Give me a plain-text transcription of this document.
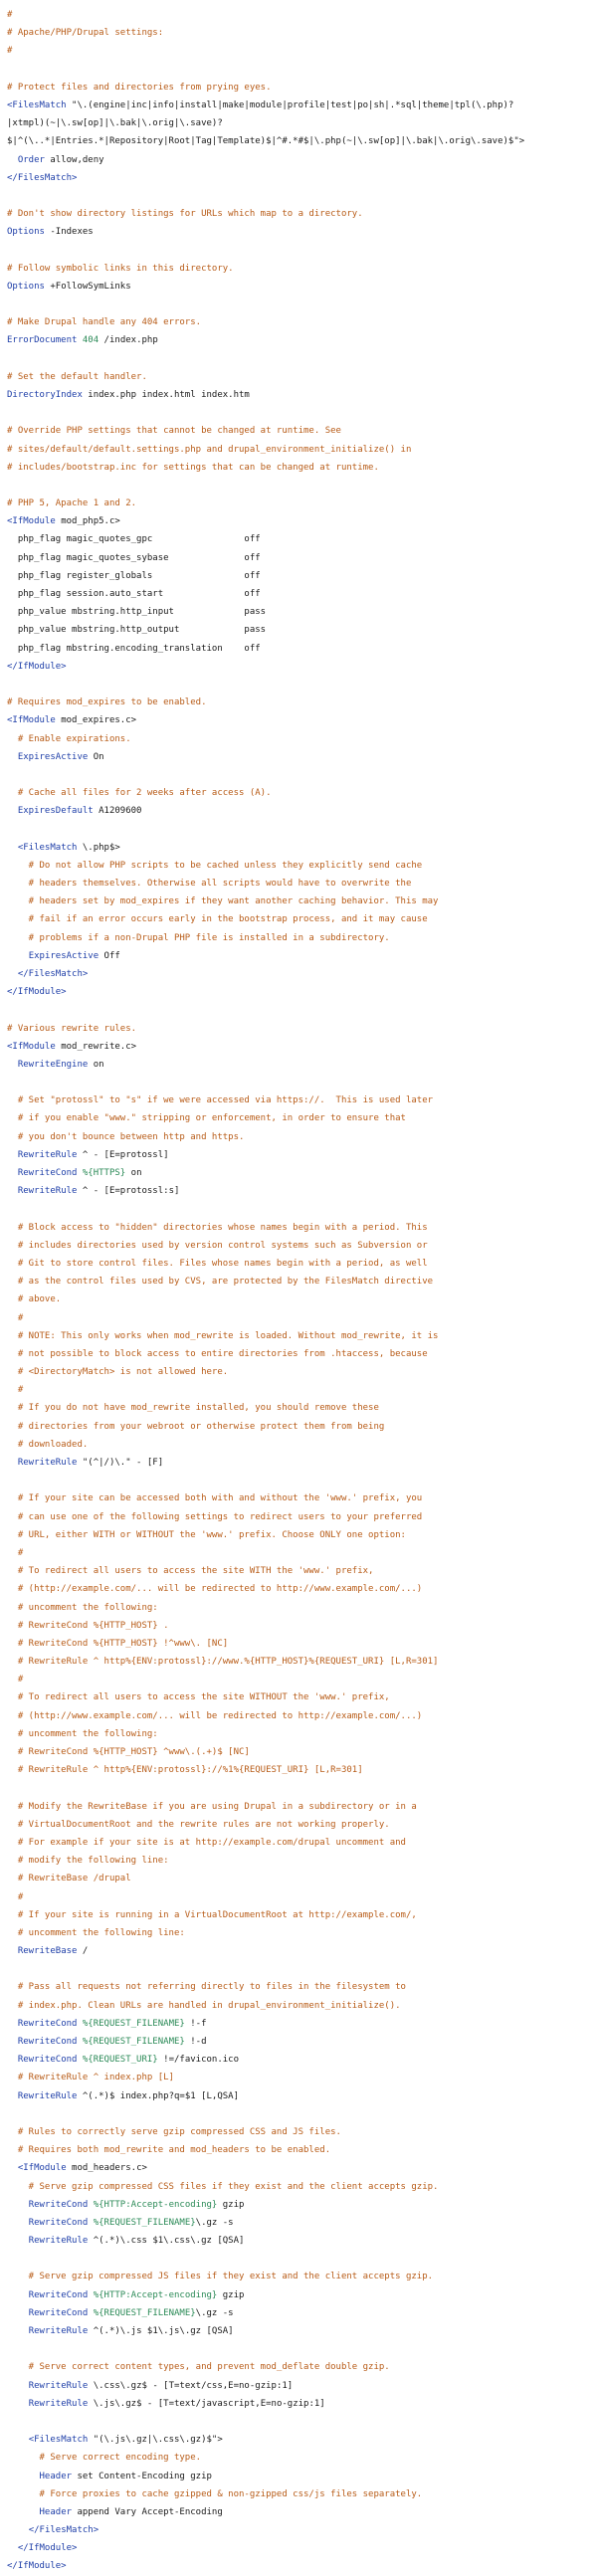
#
# Apache/PHP/Drupal settings:
#

# Protect files and directories from prying eyes.
<FilesMatch "\.(engine|inc|info|install|make|module|profile|test|po|sh|.*sql|theme|tpl(\.php)?
|xtmpl)(~|\.sw[op]|\.bak|\.orig|\.save)?
$|^(\..*|Entries.*|Repository|Root|Tag|Template)$|^#.*#$|\.php(~|\.sw[op]|\.bak|\.orig\.save)$">
Order allow,deny
</FilesMatch>

# Don't show directory listings for URLs which map to a directory.
Options -Indexes

# Follow symbolic links in this directory.
Options +FollowSymLinks

# Make Drupal handle any 404 errors.
ErrorDocument 404 /index.php

# Set the default handler.
DirectoryIndex index.php index.html index.htm

# Override PHP settings that cannot be changed at runtime. See
# sites/default/default.settings.php and drupal_environment_initialize() in
# includes/bootstrap.inc for settings that can be changed at runtime.

# PHP 5, Apache 1 and 2.
<IfModule mod_php5.c>
php_flag magic_quotes_gpc                 off
php_flag magic_quotes_sybase              off
php_flag register_globals                 off
php_flag session.auto_start               off
php_value mbstring.http_input             pass
php_value mbstring.http_output            pass
php_flag mbstring.encoding_translation    off
</IfModule>

# Requires mod_expires to be enabled.
<IfModule mod_expires.c>
# Enable expirations.
ExpiresActive On

# Cache all files for 2 weeks after access (A).
ExpiresDefault A1209600

<FilesMatch \.php$>
# Do not allow PHP scripts to be cached unless they explicitly send cache
# headers themselves. Otherwise all scripts would have to overwrite the
# headers set by mod_expires if they want another caching behavior. This may
# fail if an error occurs early in the bootstrap process, and it may cause
# problems if a non-Drupal PHP file is installed in a subdirectory.
ExpiresActive Off
</FilesMatch>
</IfModule>

# Various rewrite rules.
<IfModule mod_rewrite.c>
RewriteEngine on

# Set "protossl" to "s" if we were accessed via https://.  This is used later
# if you enable "www." stripping or enforcement, in order to ensure that
# you don't bounce between http and https.
RewriteRule ^ - [E=protossl]
RewriteCond %{HTTPS} on
RewriteRule ^ - [E=protossl:s]

# Block access to "hidden" directories whose names begin with a period. This
# includes directories used by version control systems such as Subversion or
# Git to store control files. Files whose names begin with a period, as well
# as the control files used by CVS, are protected by the FilesMatch directive
# above.
#
# NOTE: This only works when mod_rewrite is loaded. Without mod_rewrite, it is
# not possible to block access to entire directories from .htaccess, because
# <DirectoryMatch> is not allowed here.
#
# If you do not have mod_rewrite installed, you should remove these
# directories from your webroot or otherwise protect them from being
# downloaded.
RewriteRule "(^|/)\." - [F]

# If your site can be accessed both with and without the 'www.' prefix, you
# can use one of the following settings to redirect users to your preferred
# URL, either WITH or WITHOUT the 'www.' prefix. Choose ONLY one option:
#
# To redirect all users to access the site WITH the 'www.' prefix,
# (http://example.com/... will be redirected to http://www.example.com/...)
# uncomment the following:
# RewriteCond %{HTTP_HOST} .
# RewriteCond %{HTTP_HOST} !^www\. [NC]
# RewriteRule ^ http%{ENV:protossl}://www.%{HTTP_HOST}%{REQUEST_URI} [L,R=301]
#
# To redirect all users to access the site WITHOUT the 'www.' prefix,
# (http://www.example.com/... will be redirected to http://example.com/...)
# uncomment the following:
# RewriteCond %{HTTP_HOST} ^www\.(.+)$ [NC]
# RewriteRule ^ http%{ENV:protossl}://%1%{REQUEST_URI} [L,R=301]

# Modify the RewriteBase if you are using Drupal in a subdirectory or in a
# VirtualDocumentRoot and the rewrite rules are not working properly.
# For example if your site is at http://example.com/drupal uncomment and
# modify the following line:
# RewriteBase /drupal
#
# If your site is running in a VirtualDocumentRoot at http://example.com/,
# uncomment the following line:
RewriteBase /

# Pass all requests not referring directly to files in the filesystem to
# index.php. Clean URLs are handled in drupal_environment_initialize().
RewriteCond %{REQUEST_FILENAME} !-f
RewriteCond %{REQUEST_FILENAME} !-d
RewriteCond %{REQUEST_URI} !=/favicon.ico
# RewriteRule ^ index.php [L]
RewriteRule ^(.*)$ index.php?q=$1 [L,QSA]

# Rules to correctly serve gzip compressed CSS and JS files.
# Requires both mod_rewrite and mod_headers to be enabled.
<IfModule mod_headers.c>
# Serve gzip compressed CSS files if they exist and the client accepts gzip.
RewriteCond %{HTTP:Accept-encoding} gzip
RewriteCond %{REQUEST_FILENAME}\.gz -s
RewriteRule ^(.*)\.css $1\.css\.gz [QSA]

# Serve gzip compressed JS files if they exist and the client accepts gzip.
RewriteCond %{HTTP:Accept-encoding} gzip
RewriteCond %{REQUEST_FILENAME}\.gz -s
RewriteRule ^(.*)\.js $1\.js\.gz [QSA]

# Serve correct content types, and prevent mod_deflate double gzip.
RewriteRule \.css\.gz$ - [T=text/css,E=no-gzip:1]
RewriteRule \.js\.gz$ - [T=text/javascript,E=no-gzip:1]

<FilesMatch "(\.js\.gz|\.css\.gz)$">
# Serve correct encoding type.
Header set Content-Encoding gzip
# Force proxies to cache gzipped & non-gzipped css/js files separately.
Header append Vary Accept-Encoding
</FilesMatch>
</IfModule>
</IfModule>
